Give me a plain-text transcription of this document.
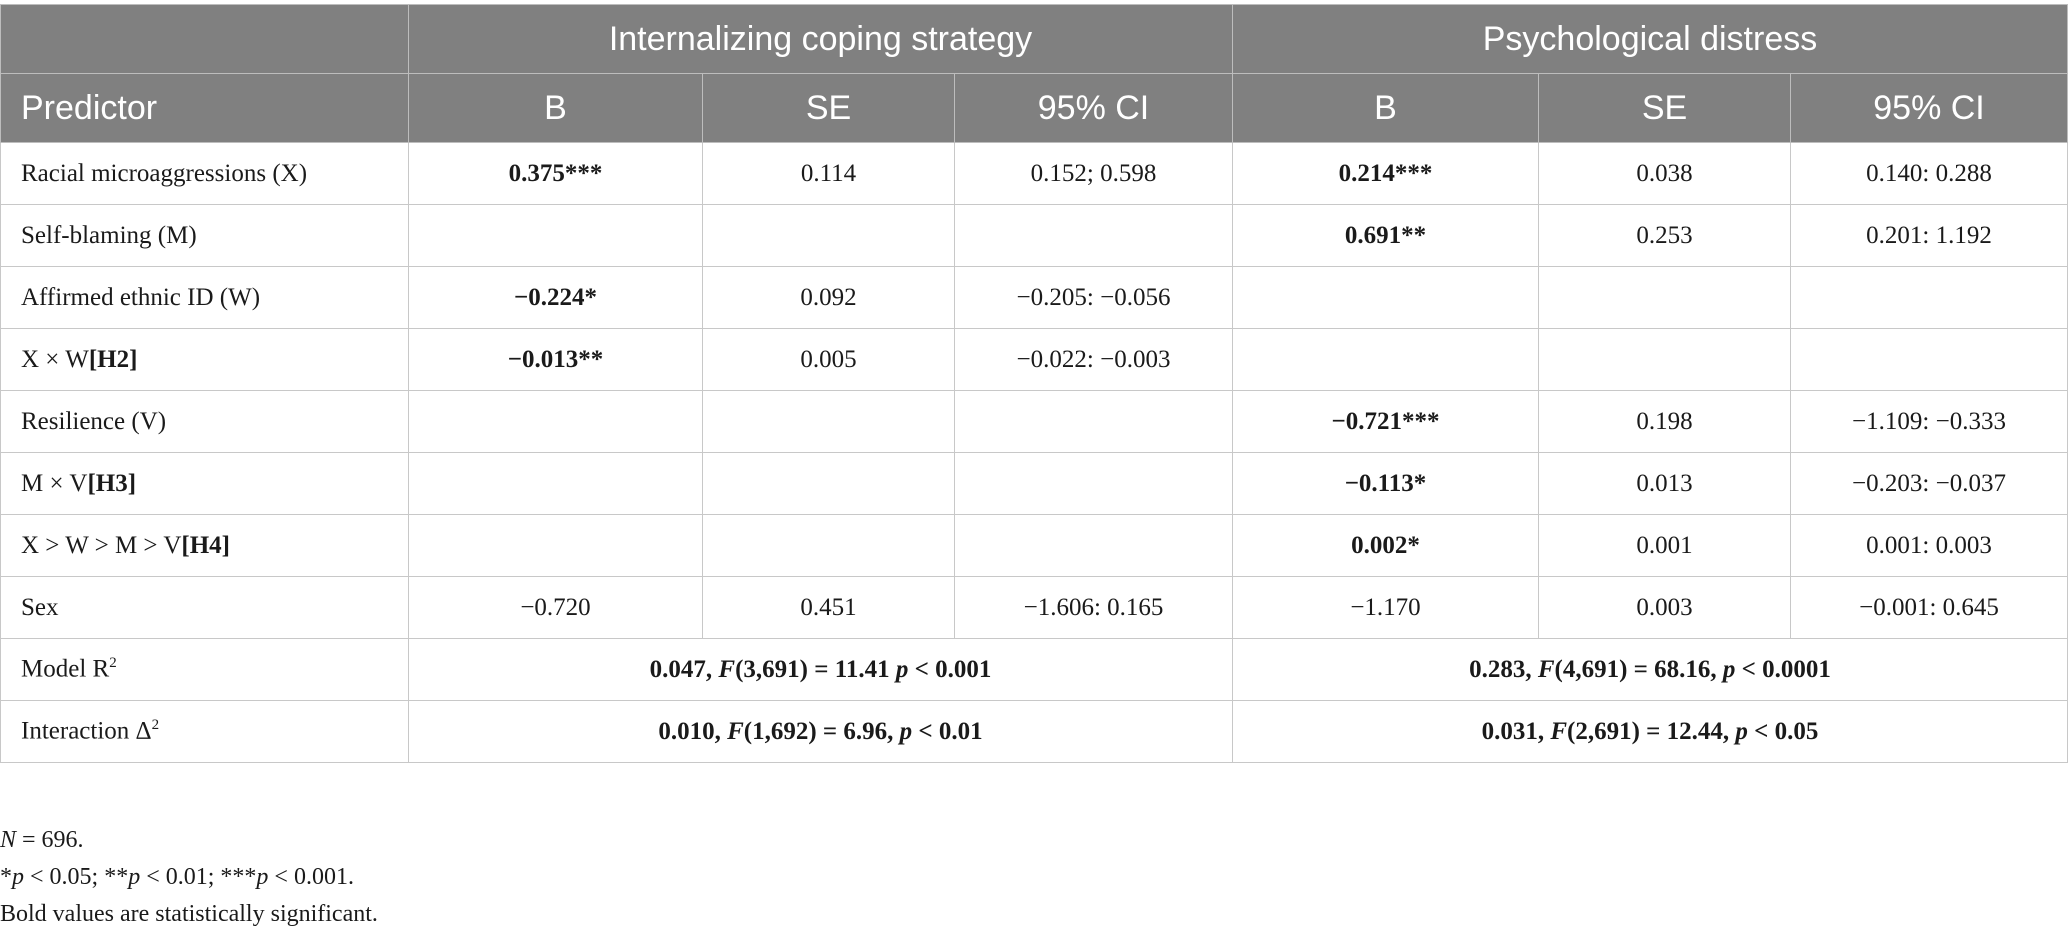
	Internalizing coping strategy			Psychological distress		
Predictor	B	SE	95% CI	B	SE	95% CI
Racial microaggressions (X)	0.375***	0.114	0.152; 0.598	0.214***	0.038	0.140: 0.288
Self-blaming (M)				0.691**	0.253	0.201: 1.192
Affirmed ethnic ID (W)	−0.224*	0.092	−0.205: −0.056			
X × W[H2]	−0.013**	0.005	−0.022: −0.003			
Resilience (V)				−0.721***	0.198	−1.109: −0.333
M × V[H3]				−0.113*	0.013	−0.203: −0.037
X > W > M > V[H4]				0.002*	0.001	0.001: 0.003
Sex	−0.720	0.451	−1.606: 0.165	−1.170	0.003	−0.001: 0.645
Model $R^2$	0.047, F(3,691) = 11.41 p < 0.001			0.283, F(4,691) = 68.16, p < 0.0001		
Interaction $\Delta^2$	0.010, F(1,692) = 6.96, p < 0.01			0.031, F(2,691) = 12.44, p < 0.05		
N = 696.
*p < 0.05; **p < 0.01; ***p < 0.001.
Bold values are statistically significant.
